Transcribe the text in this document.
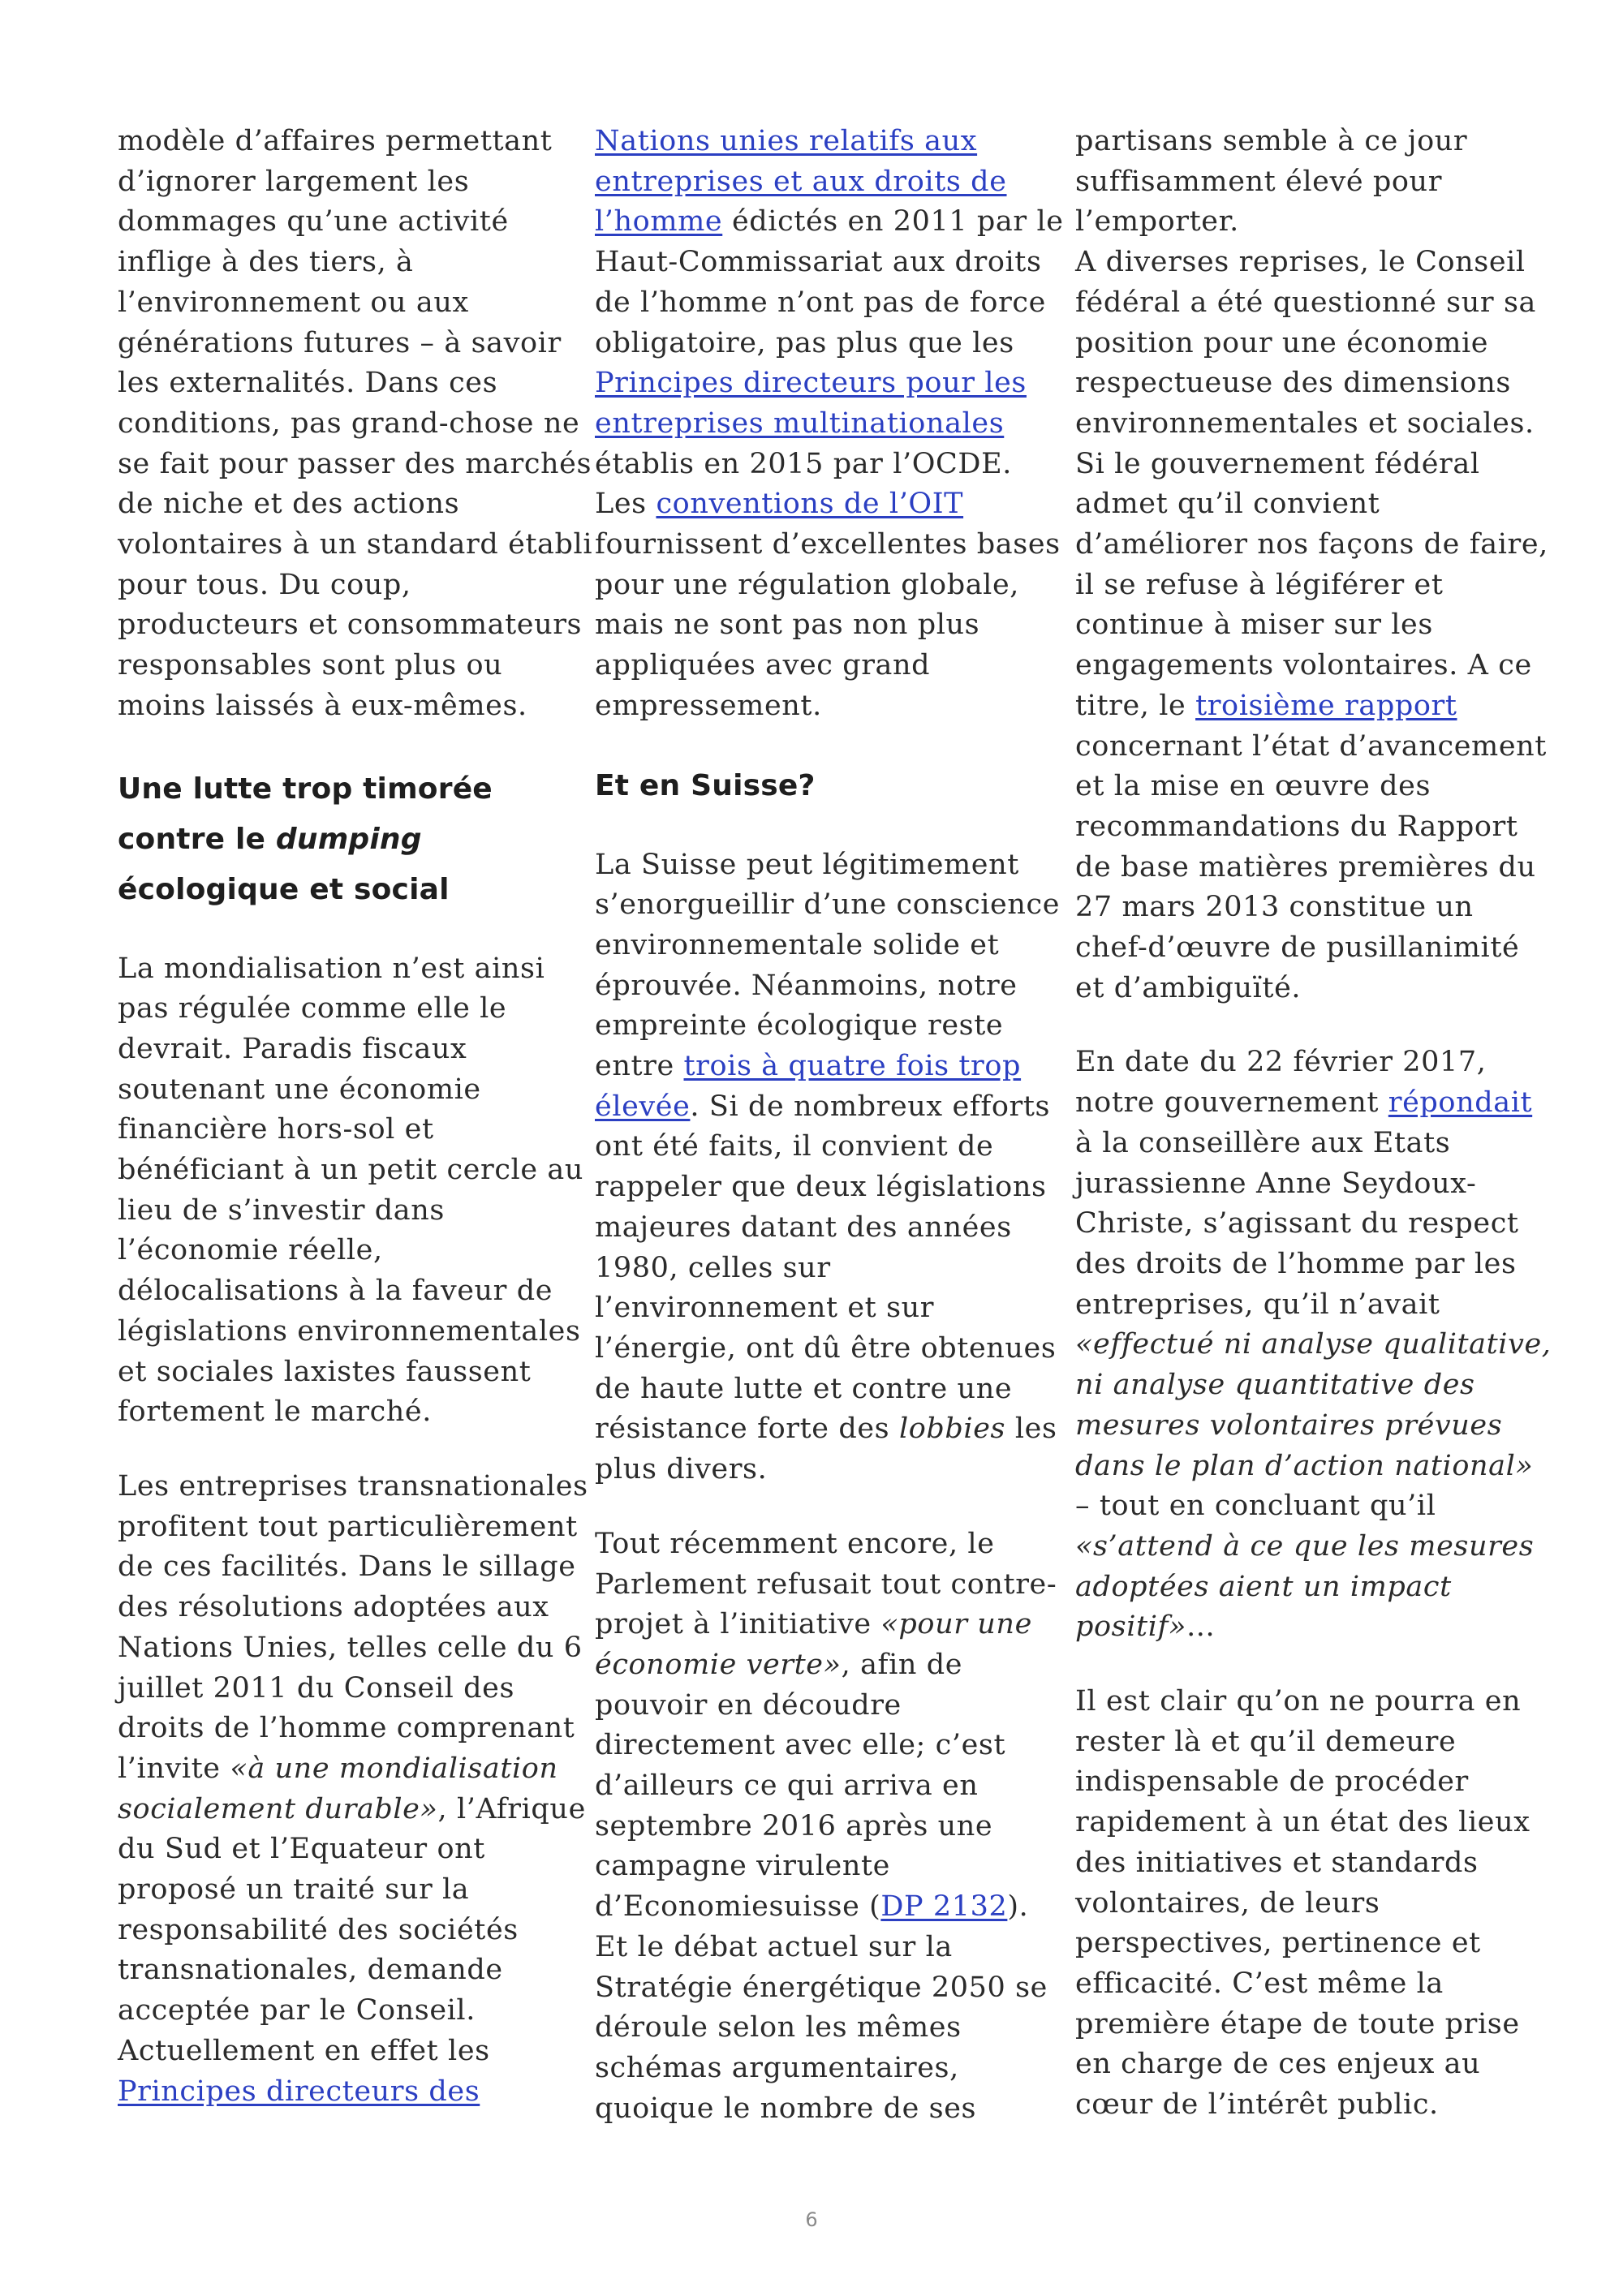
modèle d’affaires permettant
d’ignorer largement les
dommages qu’une activité
inflige à des tiers, à
l’environnement ou aux
générations futures – à savoir
les externalités. Dans ces
conditions, pas grand-chose ne
se fait pour passer des marchés
de niche et des actions
volontaires à un standard établi
pour tous. Du coup,
producteurs et consommateurs
responsables sont plus ou
moins laissés à eux-mêmes.
Une lutte trop timorée
contre le dumping
écologique et social
La mondialisation n’est ainsi
pas régulée comme elle le
devrait. Paradis fiscaux
soutenant une économie
financière hors-sol et
bénéficiant à un petit cercle au
lieu de s’investir dans
l’économie réelle,
délocalisations à la faveur de
législations environnementales
et sociales laxistes faussent
fortement le marché.
Les entreprises transnationales
profitent tout particulièrement
de ces facilités. Dans le sillage
des résolutions adoptées aux
Nations Unies, telles celle du 6
juillet 2011 du Conseil des
droits de l’homme comprenant
l’invite «à une mondialisation
socialement durable», l’Afrique
du Sud et l’Equateur ont
proposé un traité sur la
responsabilité des sociétés
transnationales, demande
acceptée par le Conseil.
Actuellement en effet les
Principes directeurs des
Nations unies relatifs aux
entreprises et aux droits de
l’homme édictés en 2011 par le
Haut-Commissariat aux droits
de l’homme n’ont pas de force
obligatoire, pas plus que les
Principes directeurs pour les
entreprises multinationales
établis en 2015 par l’OCDE.
Les conventions de l’OIT
fournissent d’excellentes bases
pour une régulation globale,
mais ne sont pas non plus
appliquées avec grand
empressement.
Et en Suisse?
La Suisse peut légitimement
s’enorgueillir d’une conscience
environnementale solide et
éprouvée. Néanmoins, notre
empreinte écologique reste
entre trois à quatre fois trop
élevée. Si de nombreux efforts
ont été faits, il convient de
rappeler que deux législations
majeures datant des années
1980, celles sur
l’environnement et sur
l’énergie, ont dû être obtenues
de haute lutte et contre une
résistance forte des lobbies les
plus divers.
Tout récemment encore, le
Parlement refusait tout contre-
projet à l’initiative «pour une
économie verte», afin de
pouvoir en découdre
directement avec elle; c’est
d’ailleurs ce qui arriva en
septembre 2016 après une
campagne virulente
d’Economiesuisse (DP 2132).
Et le débat actuel sur la
Stratégie énergétique 2050 se
déroule selon les mêmes
schémas argumentaires,
quoique le nombre de ses
partisans semble à ce jour
suffisamment élevé pour
l’emporter.
A diverses reprises, le Conseil
fédéral a été questionné sur sa
position pour une économie
respectueuse des dimensions
environnementales et sociales.
Si le gouvernement fédéral
admet qu’il convient
d’améliorer nos façons de faire,
il se refuse à légiférer et
continue à miser sur les
engagements volontaires. A ce
titre, le troisième rapport
concernant l’état d’avancement
et la mise en œuvre des
recommandations du Rapport
de base matières premières du
27 mars 2013 constitue un
chef-d’œuvre de pusillanimité
et d’ambiguïté.
En date du 22 février 2017,
notre gouvernement répondait
à la conseillère aux Etats
jurassienne Anne Seydoux-
Christe, s’agissant du respect
des droits de l’homme par les
entreprises, qu’il n’avait
«effectué ni analyse qualitative,
ni analyse quantitative des
mesures volontaires prévues
dans le plan d’action national»
– tout en concluant qu’il
«s’attend à ce que les mesures
adoptées aient un impact
positif»...
Il est clair qu’on ne pourra en
rester là et qu’il demeure
indispensable de procéder
rapidement à un état des lieux
des initiatives et standards
volontaires, de leurs
perspectives, pertinence et
efficacité. C’est même la
première étape de toute prise
en charge de ces enjeux au
cœur de l’intérêt public.
6
